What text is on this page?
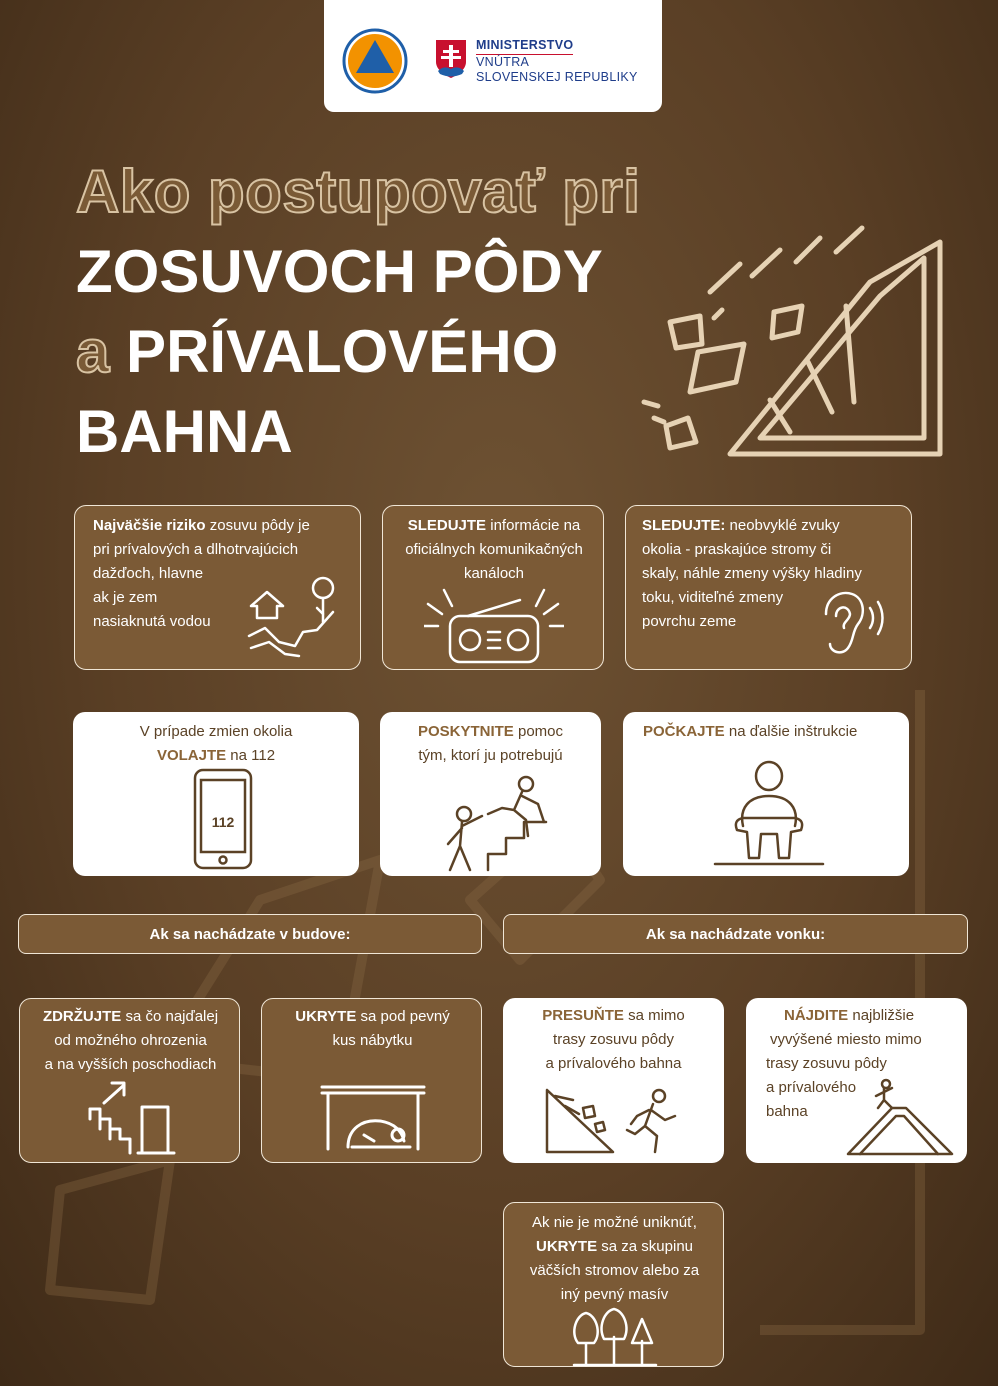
MINISTERSTVO
VNÚTRA
SLOVENSKEJ REPUBLIKY
Ako postupovať pri
ZOSUVOCH PÔDY
a PRÍVALOVÉHO
BAHNA
Najväčšie riziko zosuvu pôdy je
pri prívalových a dlhotrvajúcich
dažďoch, hlavne
ak je zem
nasiaknutá vodou
SLEDUJTE informácie na
oficiálnych komunikačných
kanáloch
SLEDUJTE: neobvyklé zvuky
okolia - praskajúce stromy či
skaly, náhle zmeny výšky hladiny
toku, viditeľné zmeny
povrchu zeme
V prípade zmien okolia
VOLAJTE na 112
112
POSKYTNITE pomoc
tým, ktorí ju potrebujú
POČKAJTE na ďalšie inštrukcie
Ak sa nachádzate v budove:	Ak sa nachádzate vonku:
ZDRŽUJTE sa čo najďalej
od možného ohrozenia
a na vyšších poschodiach
UKRYTE sa pod pevný
kus nábytku
PRESUŇTE sa mimo
trasy zosuvu pôdy
a prívalového bahna
NÁJDITE najbližšie
vyvýšené miesto mimo
trasy zosuvu pôdy
a prívalového
bahna
Ak nie je možné uniknúť,
UKRYTE sa za skupinu
väčších stromov alebo za
iný pevný masív
